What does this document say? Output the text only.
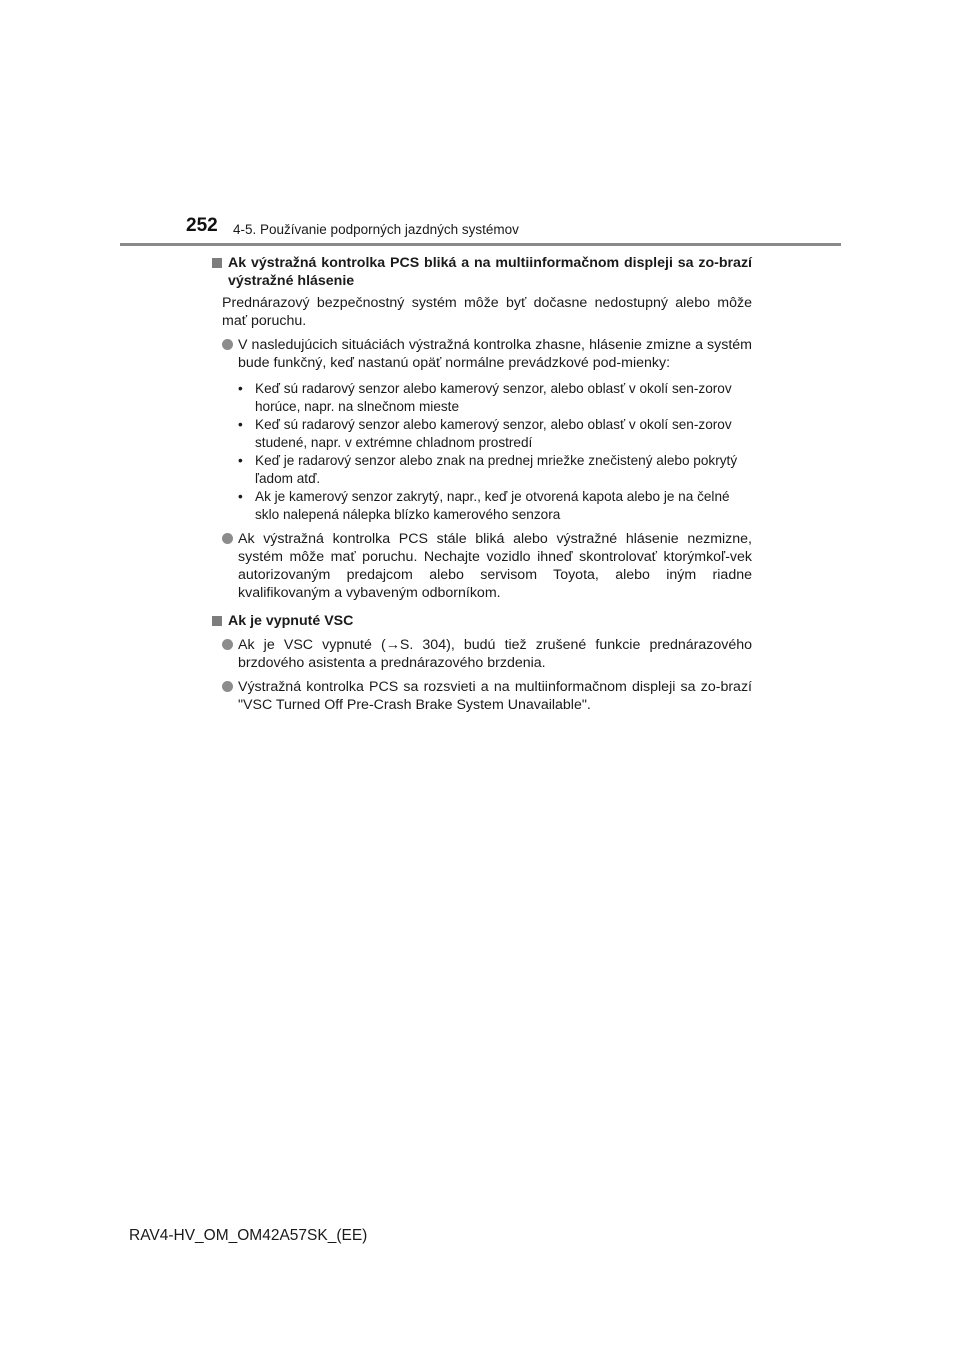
252 4-5. Používanie podporných jazdných systémov
Ak výstražná kontrolka PCS bliká a na multiinformačnom displeji sa zo-brazí výstražné hlásenie
Prednárazový bezpečnostný systém môže byť dočasne nedostupný alebo môže mať poruchu.
V nasledujúcich situáciách výstražná kontrolka zhasne, hlásenie zmizne a systém bude funkčný, keď nastanú opäť normálne prevádzkové pod-mienky:
• Keď sú radarový senzor alebo kamerový senzor, alebo oblasť v okolí sen-zorov horúce, napr. na slnečnom mieste
• Keď sú radarový senzor alebo kamerový senzor, alebo oblasť v okolí sen-zorov studené, napr. v extrémne chladnom prostredí
• Keď je radarový senzor alebo znak na prednej mriežke znečistený alebo pokrytý ľadom atď.
• Ak je kamerový senzor zakrytý, napr., keď je otvorená kapota alebo je na čelné sklo nalepená nálepka blízko kamerového senzora
Ak výstražná kontrolka PCS stále bliká alebo výstražné hlásenie nezmizne, systém môže mať poruchu. Nechajte vozidlo ihneď skontrolovať ktorýmkoľ-vek autorizovaným predajcom alebo servisom Toyota, alebo iným riadne kvalifikovaným a vybaveným odborníkom.
Ak je vypnuté VSC
Ak je VSC vypnuté (→S. 304), budú tiež zrušené funkcie prednárazového brzdového asistenta a prednárazového brzdenia.
Výstražná kontrolka PCS sa rozsvieti a na multiinformačnom displeji sa zo-brazí "VSC Turned Off Pre-Crash Brake System Unavailable".
RAV4-HV_OM_OM42A57SK_(EE)
